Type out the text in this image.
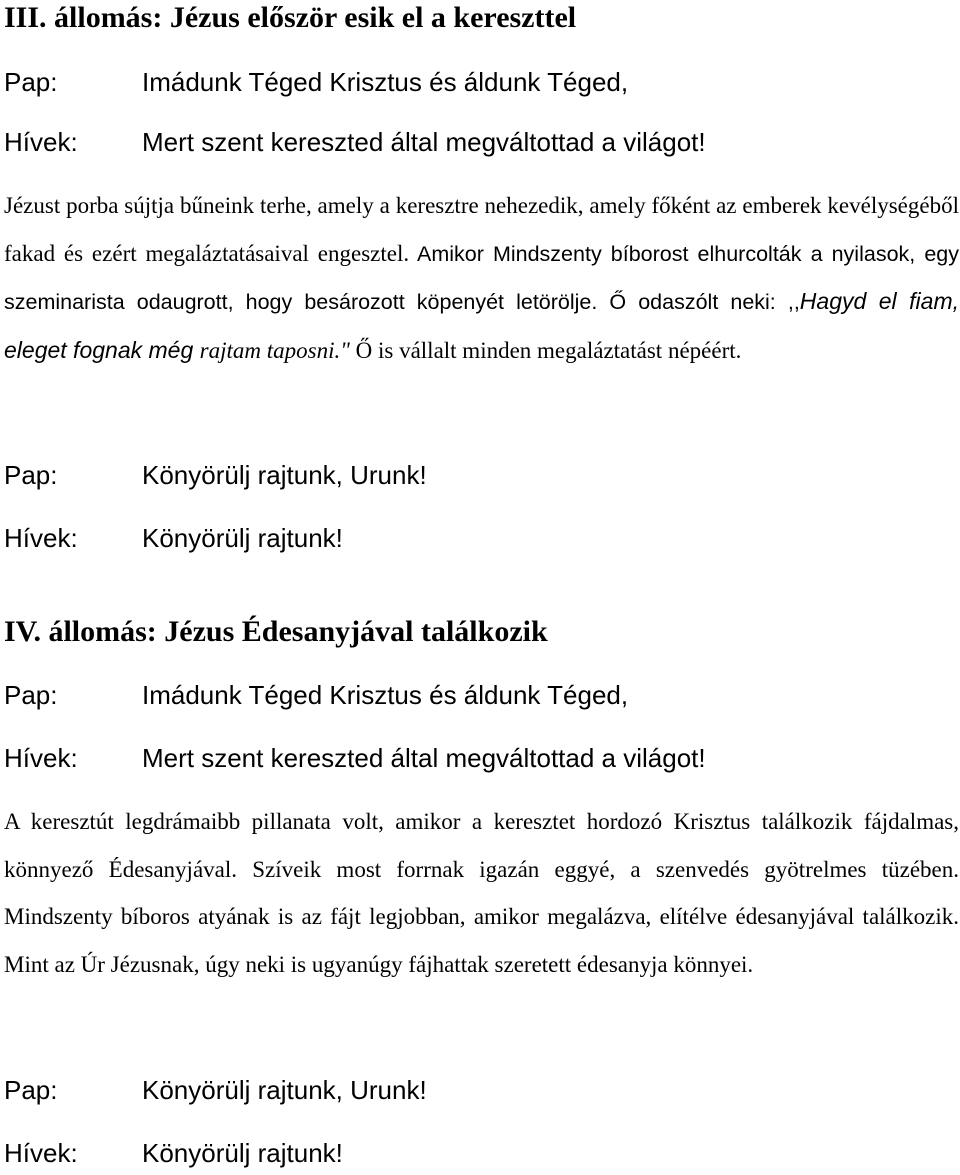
III. állomás: Jézus először esik el a kereszttel
Pap:	Imádunk Téged Krisztus és áldunk Téged,
Hívek: Mert szent kereszted által megváltottad a világot!

Jézust porba sújtja bűneink terhe, amely a keresztre nehezedik, amely főként az emberek kevélységéből fakad és ezért megaláztatásaival engesztel. Amikor Mindszenty bíborost elhurcolták a nyilasok, egy szeminarista odaugrott, hogy besározott köpenyét letörölje. Ő odaszólt neki: ,,Hagyd el fiam, eleget fognak még rajtam taposni." Ő is vállalt minden megaláztatást népéért.

Pap:	Könyörülj rajtunk, Urunk!
Hívek: Könyörülj rajtunk!
IV. állomás: Jézus Édesanyjával találkozik
Pap:	Imádunk Téged Krisztus és áldunk Téged,
Hívek: Mert szent kereszted által megváltottad a világot!

A keresztút legdrámaibb pillanata volt, amikor a keresztet hordozó Krisztus találkozik fájdalmas, könnyező Édesanyjával. Szíveik most forrnak igazán eggyé, a szenvedés gyötrelmes tüzében. Mindszenty bíboros atyának is az fájt legjobban, amikor megalázva, elítélve édesanyjával találkozik. Mint az Úr Jézusnak, úgy neki is ugyanúgy fájhattak szeretett édesanyja könnyei.

Pap:	Könyörülj rajtunk, Urunk!
Hívek: Könyörülj rajtunk!
